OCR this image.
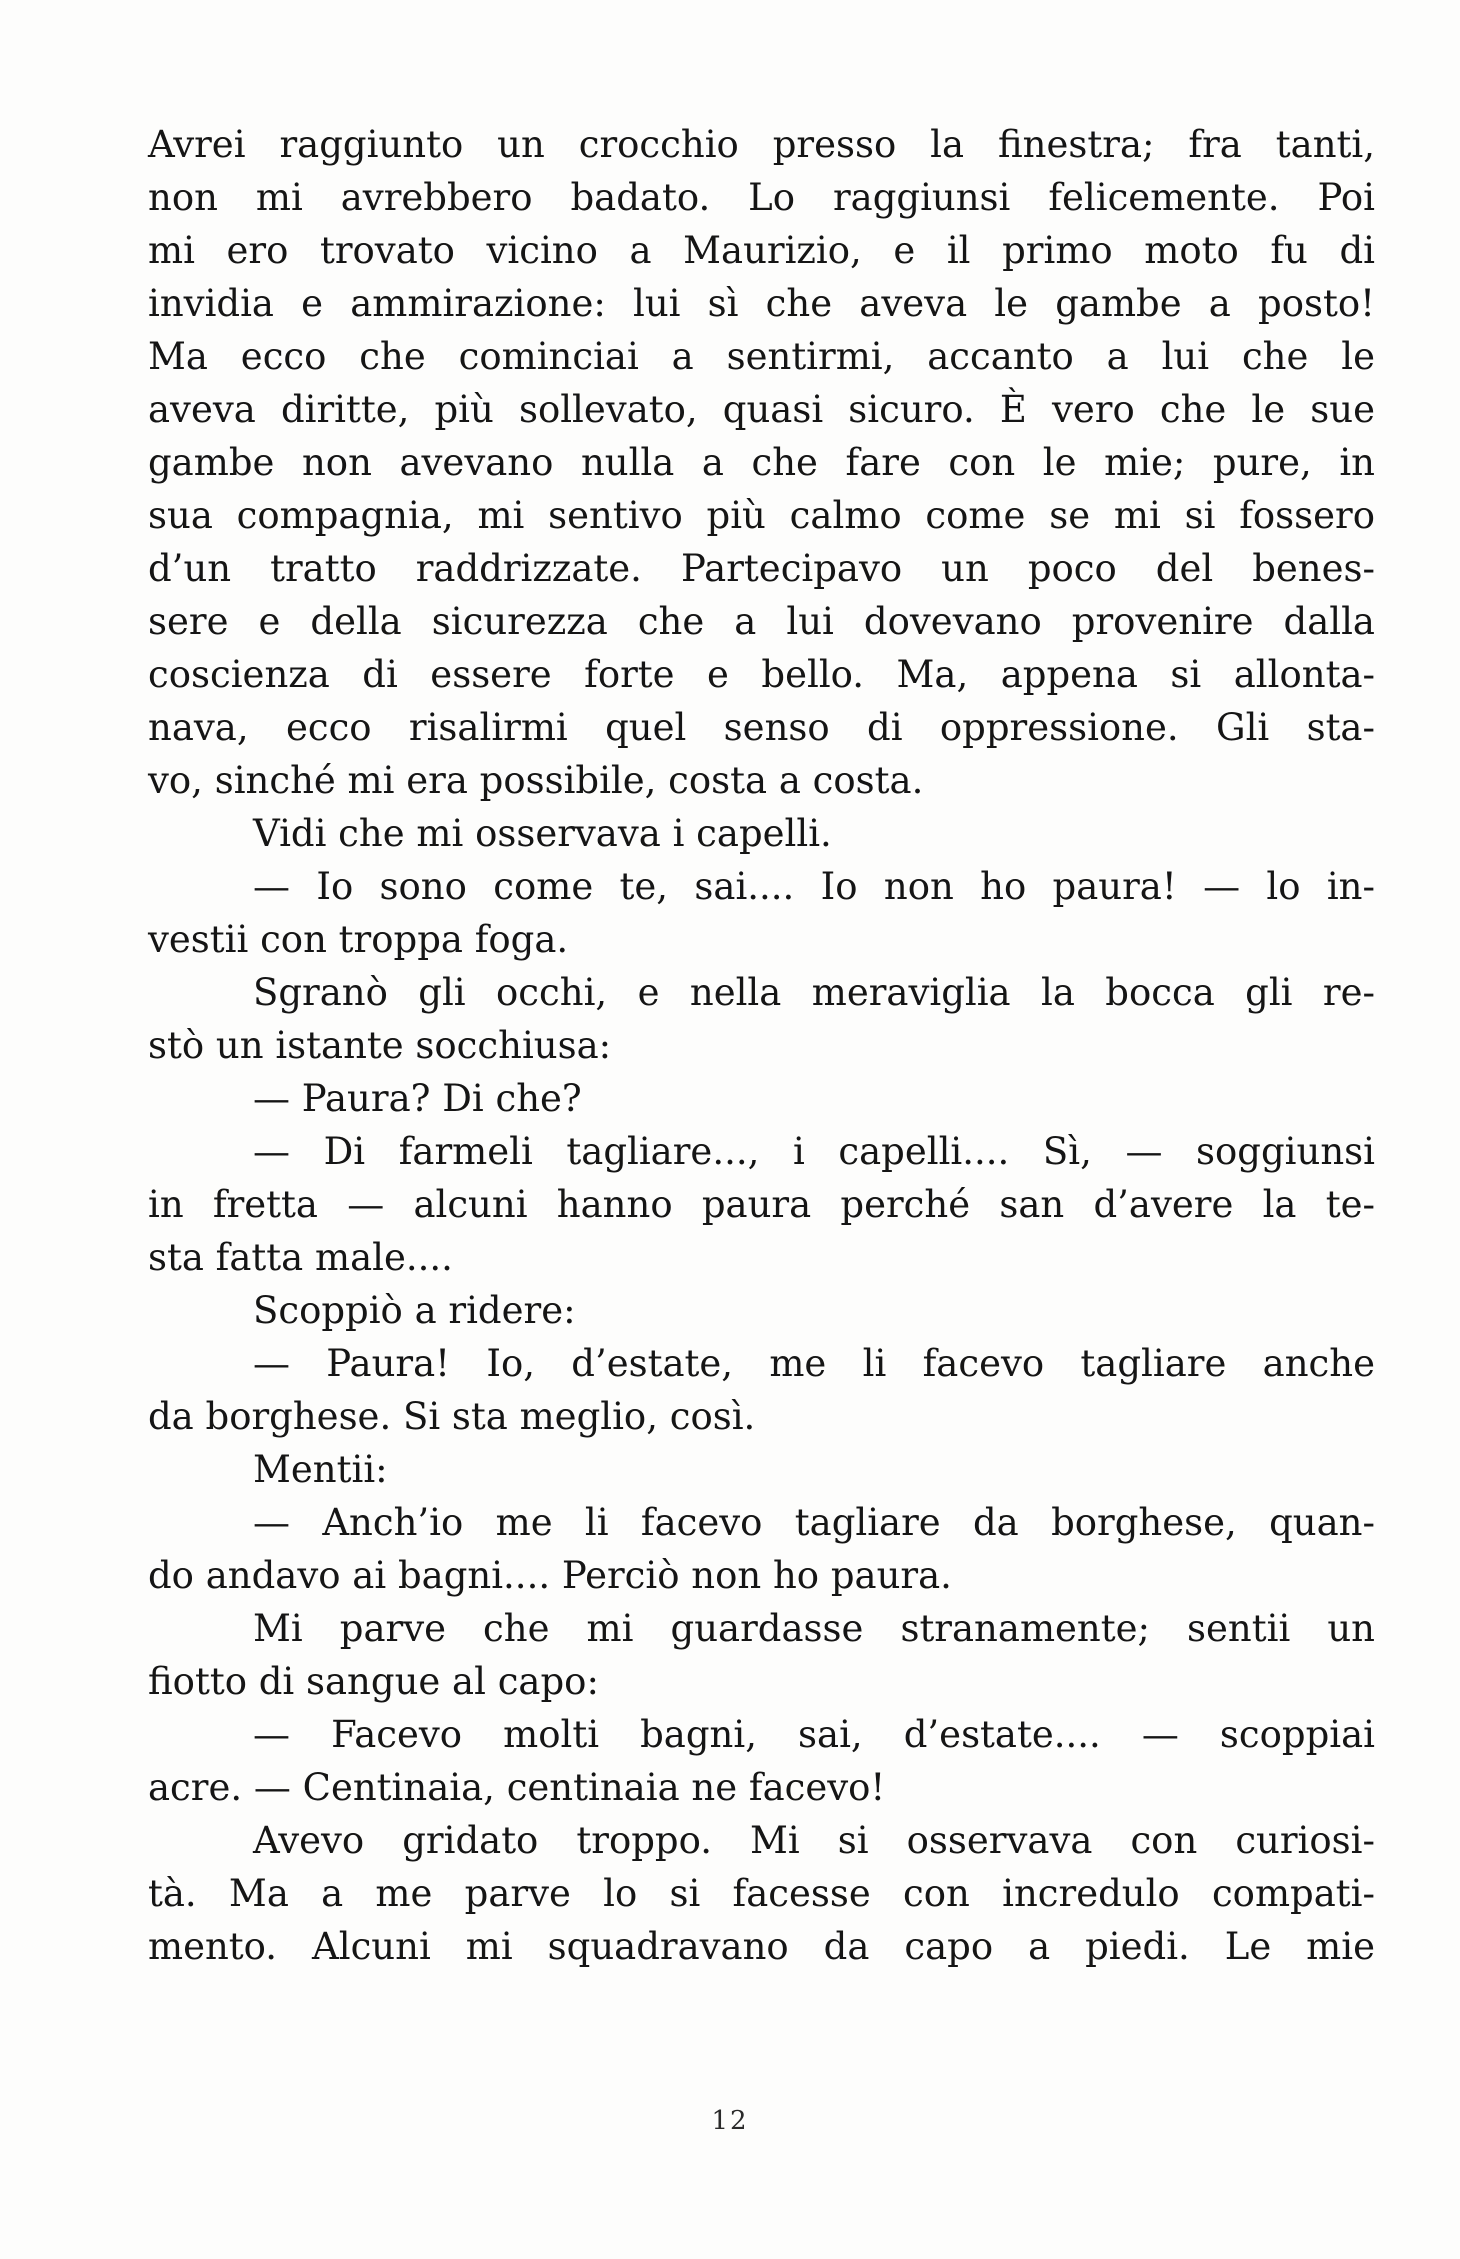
Avrei raggiunto un crocchio presso la finestra; fra tanti,
non mi avrebbero badato. Lo raggiunsi felicemente. Poi
mi ero trovato vicino a Maurizio, e il primo moto fu di
invidia e ammirazione: lui sì che aveva le gambe a posto!
Ma ecco che cominciai a sentirmi, accanto a lui che le
aveva diritte, più sollevato, quasi sicuro. È vero che le sue
gambe non avevano nulla a che fare con le mie; pure, in
sua compagnia, mi sentivo più calmo come se mi si fossero
d’un tratto raddrizzate. Partecipavo un poco del benes-
sere e della sicurezza che a lui dovevano provenire dalla
coscienza di essere forte e bello. Ma, appena si allonta-
nava, ecco risalirmi quel senso di oppressione. Gli sta-
vo, sinché mi era possibile, costa a costa.
Vidi che mi osservava i capelli.
— Io sono come te, sai.... Io non ho paura! — lo in-
vestii con troppa foga.
Sgranò gli occhi, e nella meraviglia la bocca gli re-
stò un istante socchiusa:
— Paura? Di che?
— Di farmeli tagliare..., i capelli.... Sì, — soggiunsi
in fretta — alcuni hanno paura perché san d’avere la te-
sta fatta male....
Scoppiò a ridere:
— Paura! Io, d’estate, me li facevo tagliare anche
da borghese. Si sta meglio, così.
Mentii:
— Anch’io me li facevo tagliare da borghese, quan-
do andavo ai bagni.... Perciò non ho paura.
Mi parve che mi guardasse stranamente; sentii un
fiotto di sangue al capo:
— Facevo molti bagni, sai, d’estate.... — scoppiai
acre. — Centinaia, centinaia ne facevo!
Avevo gridato troppo. Mi si osservava con curiosi-
tà. Ma a me parve lo si facesse con incredulo compati-
mento. Alcuni mi squadravano da capo a piedi. Le mie
12
